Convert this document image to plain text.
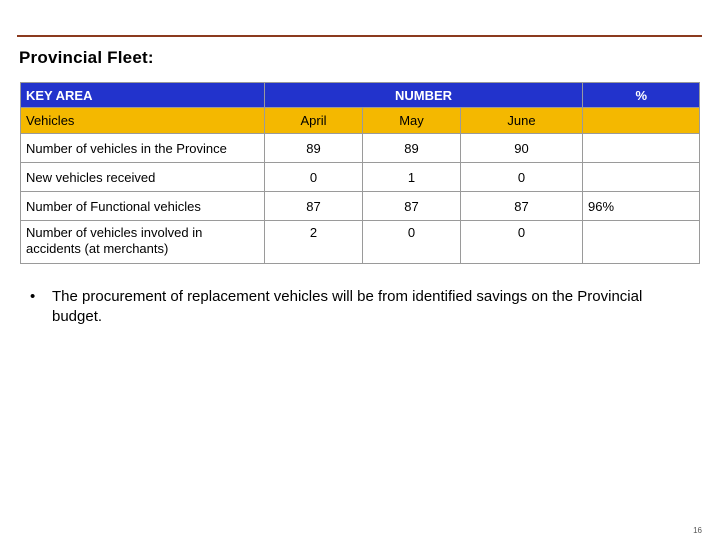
Provincial Fleet:
KEY AREA	NUMBER			%
Vehicles	April	May	June	
Number of vehicles in the Province	89	89	90	
New vehicles received	0	1	0	
Number of Functional vehicles	87	87	87	96%
Number of vehicles involved in accidents (at merchants)	2	0	0	
• The procurement of replacement vehicles will be from identified savings on the Provincial budget.
16
